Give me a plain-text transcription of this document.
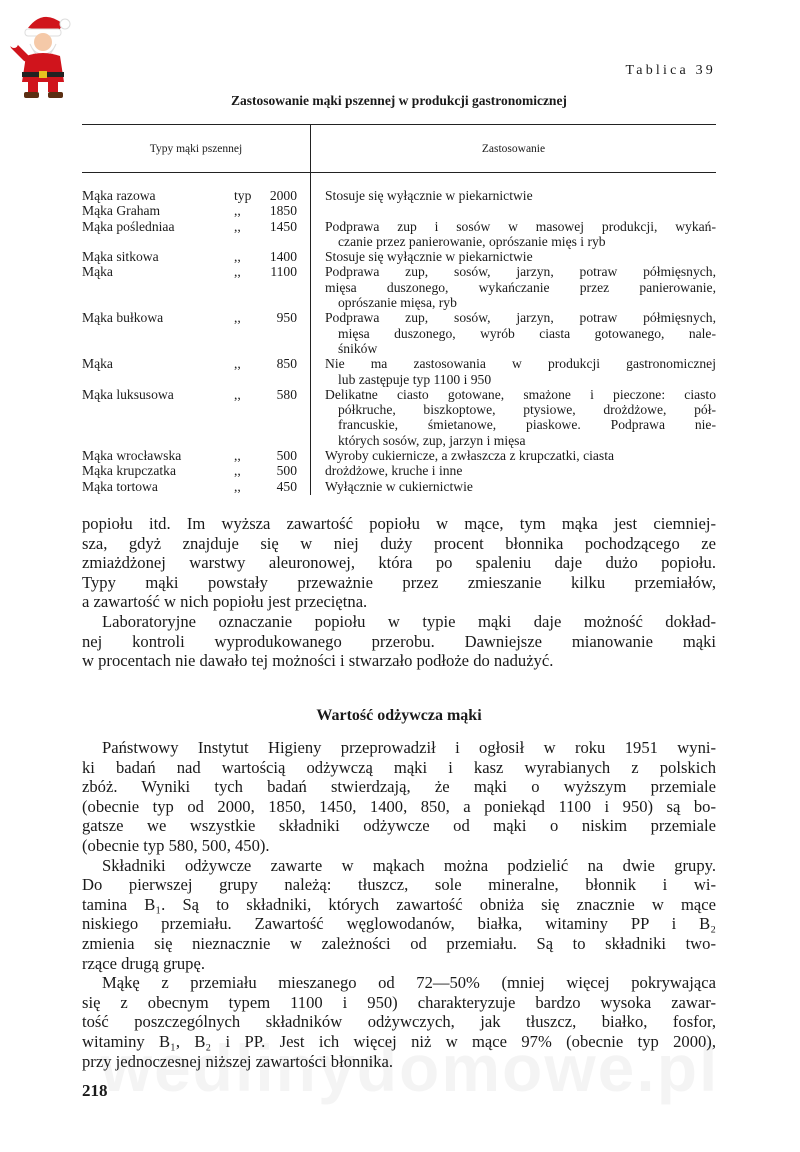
Tablica 39
Zastosowanie mąki pszennej w produkcji gastronomicznej
Typy mąki pszennej	Zastosowanie
Mąka razowa	typ	2000 Stosuje się wyłącznie w piekarnictwie
Mąka Graham	,,	1850
Mąka pośledniaa	,,	1450 Podprawa zup i sosów w masowej produkcji, wykań-
czanie przez panierowanie, oprószanie mięs i ryb
Mąka sitkowa	,,	1400 Stosuje się wyłącznie w piekarnictwie
Mąka	,,	1100 Podprawa zup, sosów, jarzyn, potraw półmięsnych,
mięsa duszonego, wykańczanie przez panierowanie,
oprószanie mięsa, ryb
Mąka bułkowa	,,	950 Podprawa zup, sosów, jarzyn, potraw półmięsnych,
mięsa duszonego, wyrób ciasta gotowanego, nale-
śników
Mąka	,,	850 Nie ma zastosowania w produkcji gastronomicznej
lub zastępuje typ 1100 i 950
Mąka luksusowa	,,	580 Delikatne ciasto gotowane, smażone i pieczone: ciasto
półkruche, biszkoptowe, ptysiowe, drożdżowe, pół-
francuskie, śmietanowe, piaskowe. Podprawa nie-
których sosów, zup, jarzyn i mięsa
Mąka wrocławska	,,	500 Wyroby cukiernicze, a zwłaszcza z krupczatki, ciasta
Mąka krupczatka	,,	500 drożdżowe, kruche i inne
Mąka tortowa	,,	450 Wyłącznie w cukiernictwie
popiołu itd. Im wyższa zawartość popiołu w mące, tym mąka jest ciemniej-
sza, gdyż znajduje się w niej duży procent błonnika pochodzącego ze
zmiażdżonej warstwy aleuronowej, która po spaleniu daje dużo popiołu.
Typy mąki powstały przeważnie przez zmieszanie kilku przemiałów,
a zawartość w nich popiołu jest przeciętna.
Laboratoryjne oznaczanie popiołu w typie mąki daje możność dokład-
nej kontroli wyprodukowanego przerobu. Dawniejsze mianowanie mąki
w procentach nie dawało tej możności i stwarzało podłoże do nadużyć.
Wartość odżywcza mąki
Państwowy Instytut Higieny przeprowadził i ogłosił w roku 1951 wyni-
ki badań nad wartością odżywczą mąki i kasz wyrabianych z polskich
zbóż. Wyniki tych badań stwierdzają, że mąki o wyższym przemiale
(obecnie typ od 2000, 1850, 1450, 1400, 850, a poniekąd 1100 i 950) są bo-
gatsze we wszystkie składniki odżywcze od mąki o niskim przemiale
(obecnie typ 580, 500, 450).
Składniki odżywcze zawarte w mąkach można podzielić na dwie grupy.
Do pierwszej grupy należą: tłuszcz, sole mineralne, błonnik i wi-
tamina B₁. Są to składniki, których zawartość obniża się znacznie w mące
niskiego przemiału. Zawartość węglowodanów, białka, witaminy PP i B₂
zmienia się nieznacznie w zależności od przemiału. Są to składniki two-
rzące drugą grupę.
Mąkę z przemiału mieszanego od 72—50% (mniej więcej pokrywająca
się z obecnym typem 1100 i 950) charakteryzuje bardzo wysoka zawar-
tość poszczególnych składników odżywczych, jak tłuszcz, białko, fosfor,
witaminy B₁, B₂ i PP. Jest ich więcej niż w mące 97% (obecnie typ 2000),
przy jednoczesnej niższej zawartości błonnika.
218
